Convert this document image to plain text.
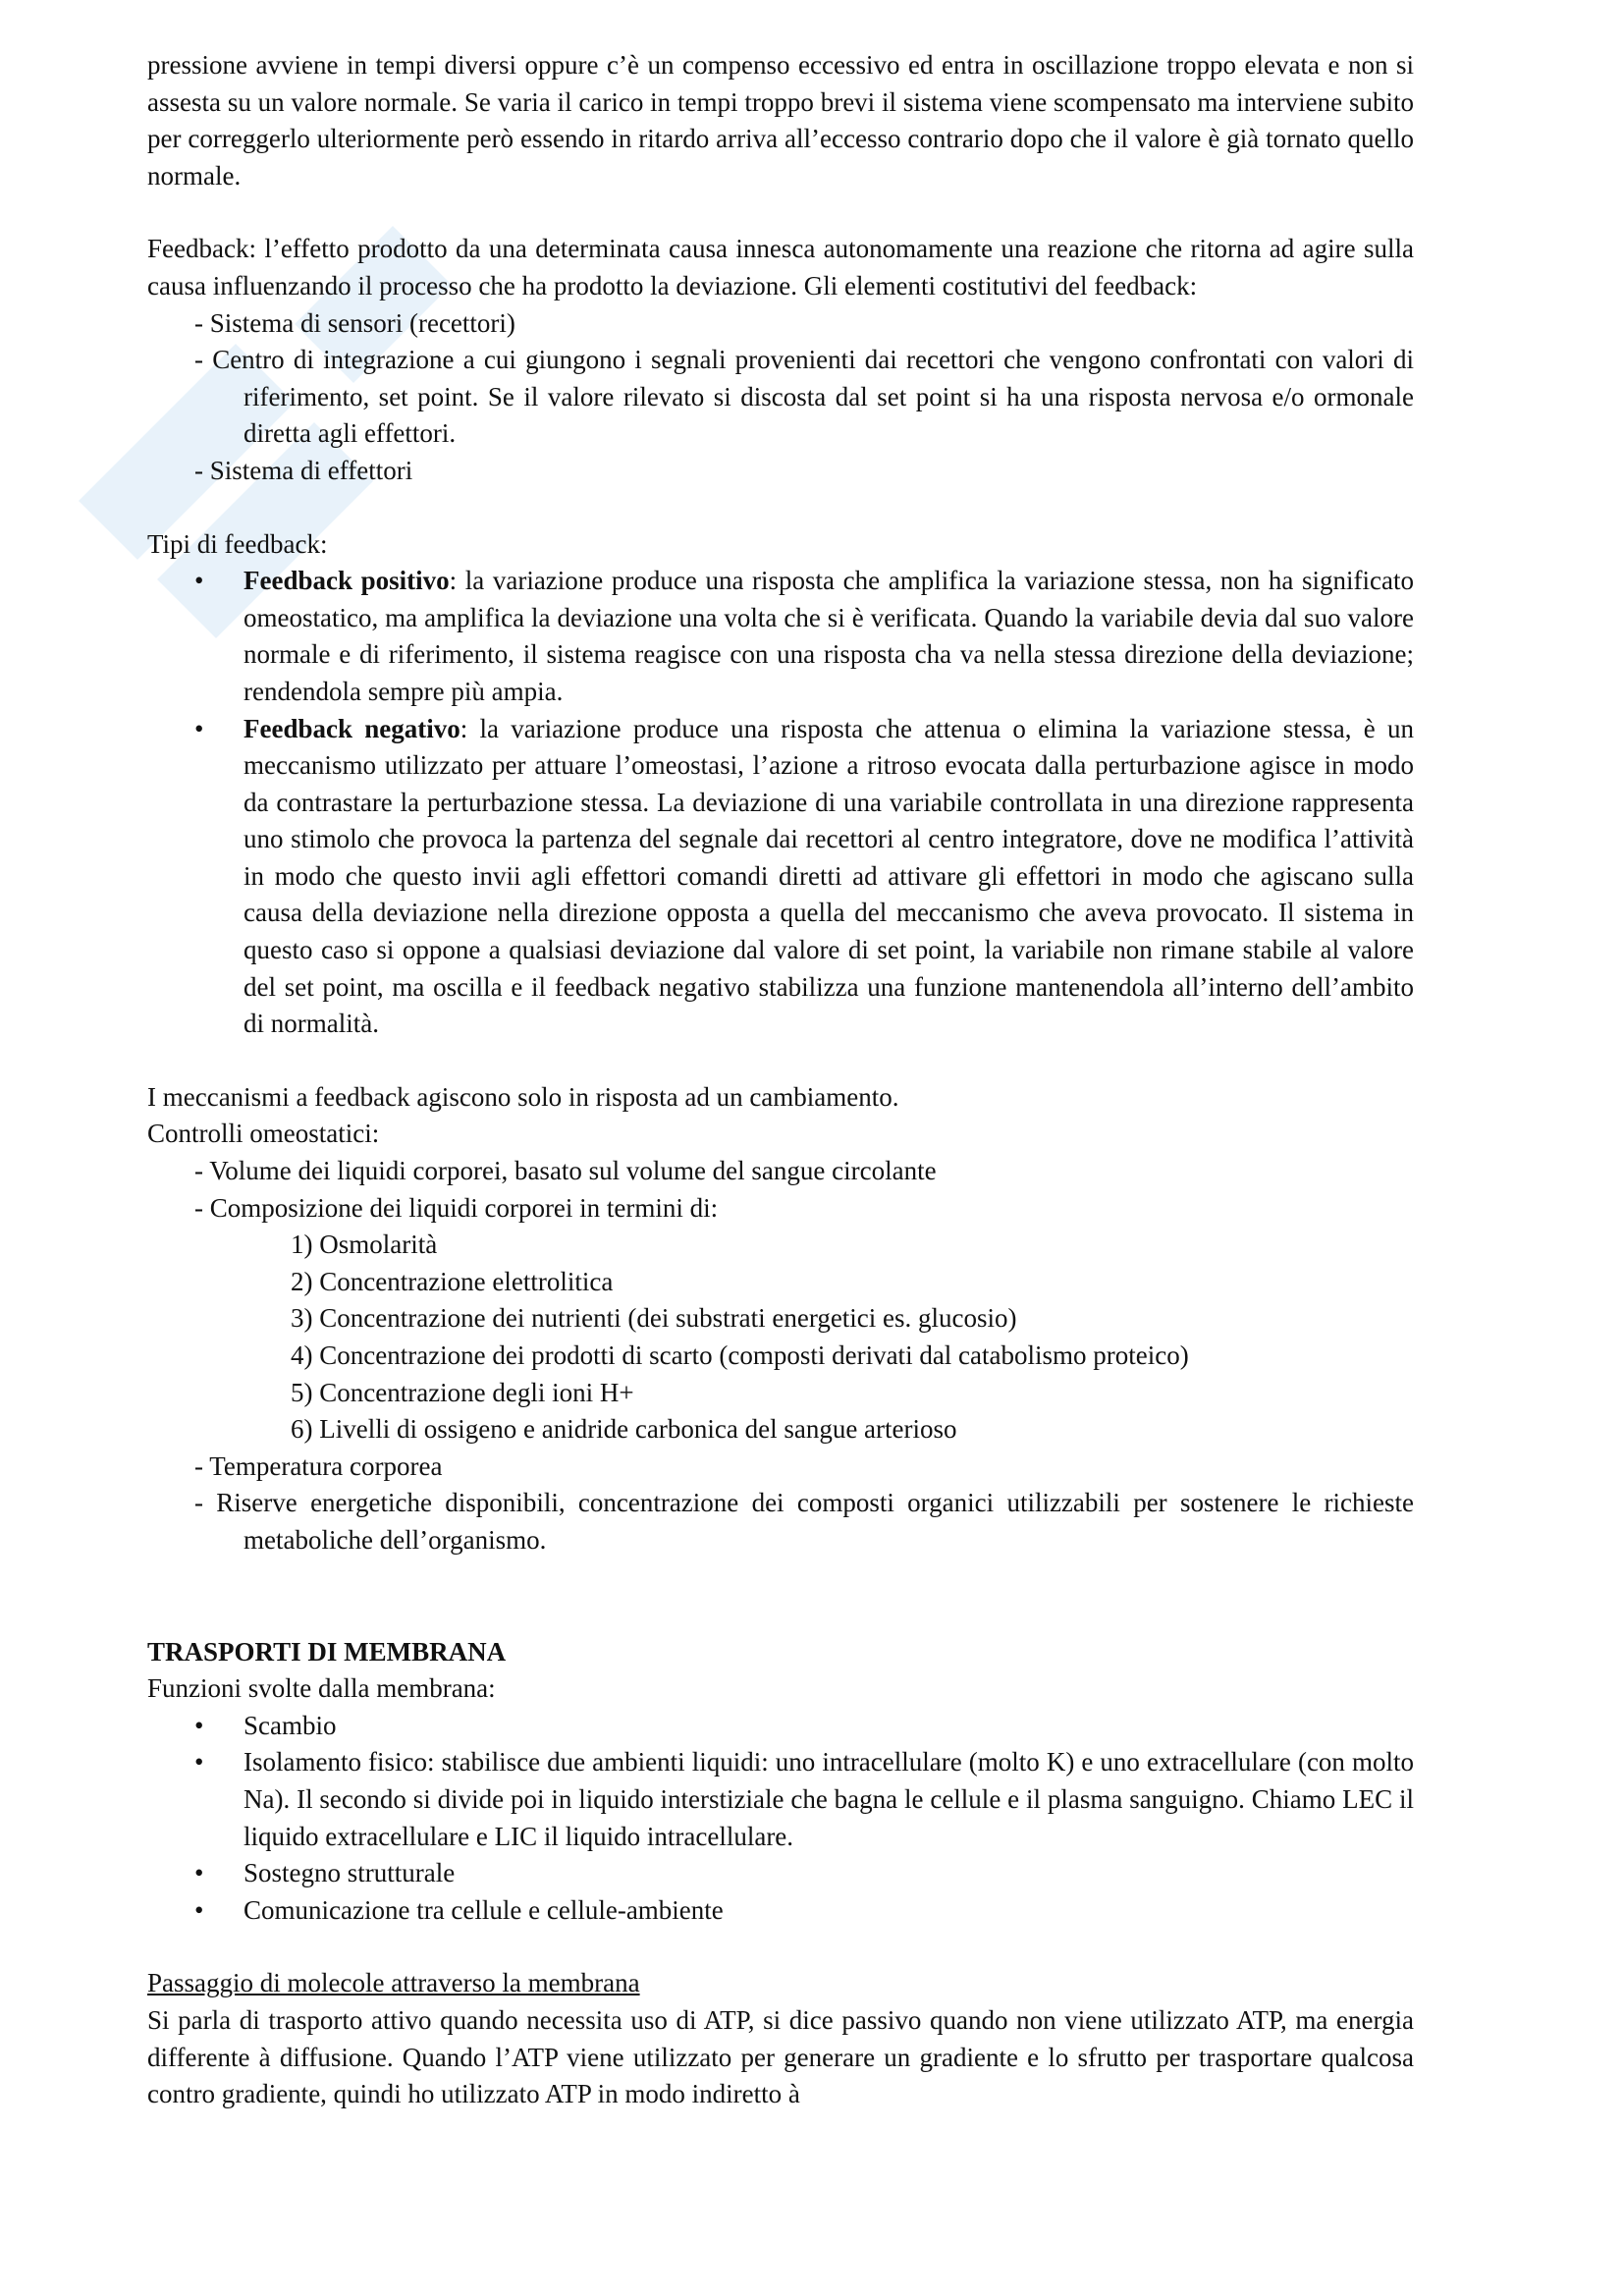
pressione avviene in tempi diversi oppure c’è un compenso eccessivo ed entra in oscillazione troppo elevata e non si assesta su un valore normale. Se varia il carico in tempi troppo brevi il sistema viene scompensato ma interviene subito per correggerlo ulteriormente però essendo in ritardo arriva all’eccesso contrario dopo che il valore è già tornato quello normale.

Feedback: l’effetto prodotto da una determinata causa innesca autonomamente una reazione che ritorna ad agire sulla causa influenzando il processo che ha prodotto la deviazione. Gli elementi costitutivi del feedback:

- Sistema di sensori (recettori)

- Centro di integrazione a cui giungono i segnali provenienti dai recettori che vengono confrontati con valori di riferimento, set point. Se il valore rilevato si discosta dal set point si ha una risposta nervosa e/o ormonale diretta agli effettori.

- Sistema di effettori

Tipi di feedback:

• Feedback positivo: la variazione produce una risposta che amplifica la variazione stessa, non ha significato omeostatico, ma amplifica la deviazione una volta che si è verificata. Quando la variabile devia dal suo valore normale e di riferimento, il sistema reagisce con una risposta cha va nella stessa direzione della deviazione; rendendola sempre più ampia.

• Feedback negativo: la variazione produce una risposta che attenua o elimina la variazione stessa, è un meccanismo utilizzato per attuare l’omeostasi, l’azione a ritroso evocata dalla perturbazione agisce in modo da contrastare la perturbazione stessa. La deviazione di una variabile controllata in una direzione rappresenta uno stimolo che provoca la partenza del segnale dai recettori al centro integratore, dove ne modifica l’attività in modo che questo invii agli effettori comandi diretti ad attivare gli effettori in modo che agiscano sulla causa della deviazione nella direzione opposta a quella del meccanismo che aveva provocato. Il sistema in questo caso si oppone a qualsiasi deviazione dal valore di set point, la variabile non rimane stabile al valore del set point, ma oscilla e il feedback negativo stabilizza una funzione mantenendola all’interno dell’ambito di normalità.

I meccanismi a feedback agiscono solo in risposta ad un cambiamento.

Controlli omeostatici:

- Volume dei liquidi corporei, basato sul volume del sangue circolante

- Composizione dei liquidi corporei in termini di:

1) Osmolarità

2) Concentrazione elettrolitica

3) Concentrazione dei nutrienti (dei substrati energetici es. glucosio)

4) Concentrazione dei prodotti di scarto (composti derivati dal catabolismo proteico)

5) Concentrazione degli ioni H+

6) Livelli di ossigeno e anidride carbonica del sangue arterioso

- Temperatura corporea

- Riserve energetiche disponibili, concentrazione dei composti organici utilizzabili per sostenere le richieste metaboliche dell’organismo.

TRASPORTI DI MEMBRANA

Funzioni svolte dalla membrana:

• Scambio

• Isolamento fisico: stabilisce due ambienti liquidi: uno intracellulare (molto K) e uno extracellulare (con molto Na). Il secondo si divide poi in liquido interstiziale che bagna le cellule e il plasma sanguigno. Chiamo LEC il liquido extracellulare e LIC il liquido intracellulare.

• Sostegno strutturale

• Comunicazione tra cellule e cellule-ambiente

Passaggio di molecole attraverso la membrana

Si parla di trasporto attivo quando necessita uso di ATP, si dice passivo quando non viene utilizzato ATP, ma energia differente à diffusione. Quando l’ATP viene utilizzato per generare un gradiente e lo sfrutto per trasportare qualcosa contro gradiente, quindi ho utilizzato ATP in modo indiretto à
